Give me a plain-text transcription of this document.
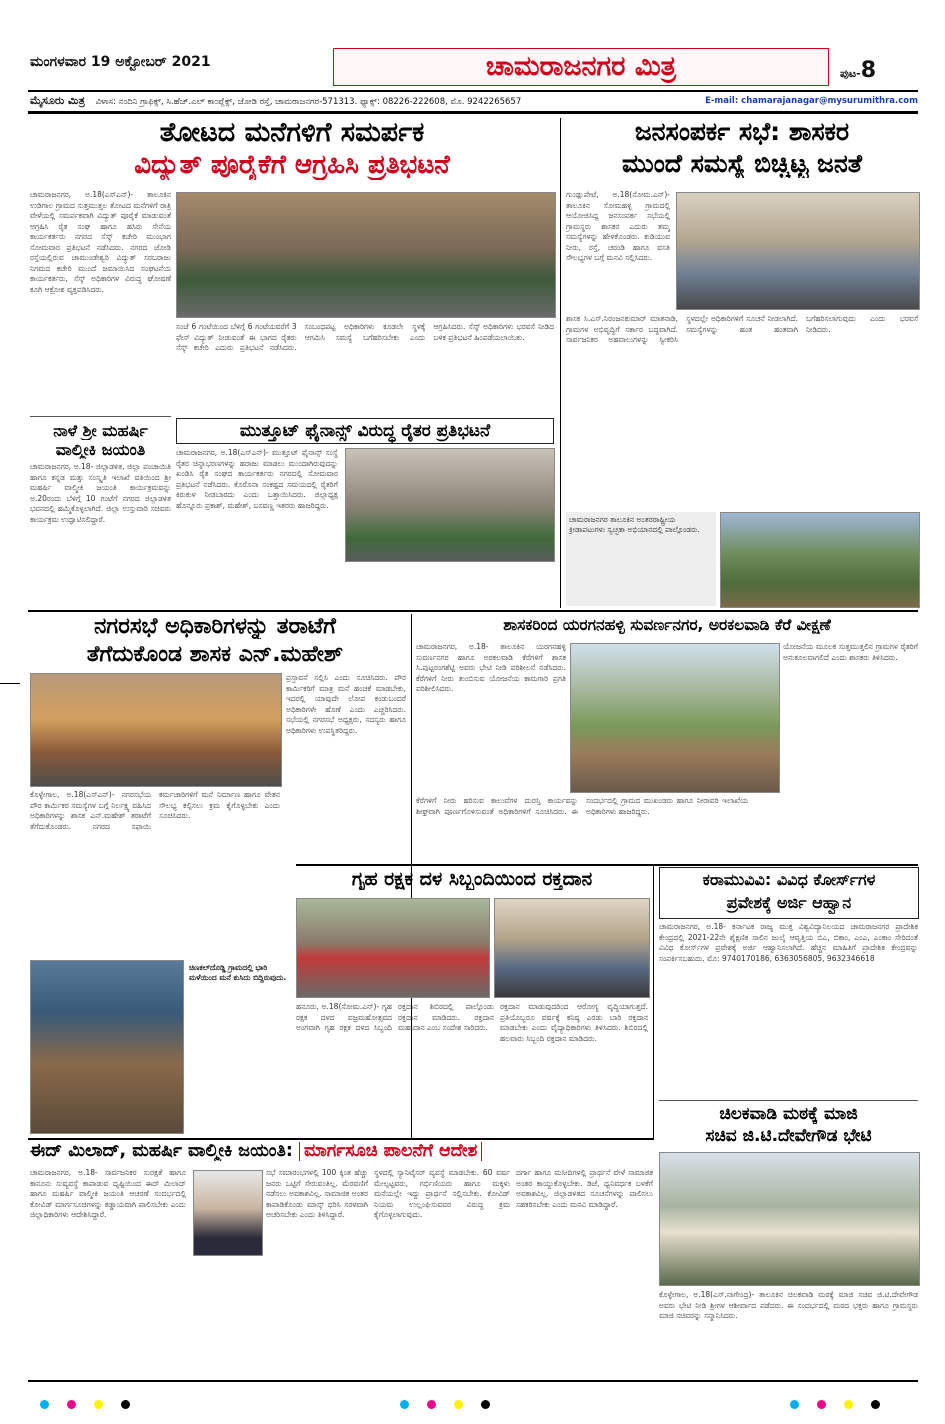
ಮಂಗಳವಾರ 19 ಅಕ್ಟೋಬರ್ 2021	ಚಾಮರಾಜನಗರ ಮಿತ್ರ	ಪುಟ-8
ಮೈಸೂರು ಮಿತ್ರ ವಿಳಾಸ: ನಂದಿನಿ ಗ್ರಾಫಿಕ್ಸ್, ಸಿ.ಹೆಚ್.ಎಲ್ ಕಾಂಪ್ಲೆಕ್ಸ್, ಜೋಡಿ ರಸ್ತೆ, ಚಾಮರಾಜನಗರ-571313. ಫ್ಯಾಕ್ಸ್: 08226-222608, ಮೊ. 9242265657	E-mail: chamarajanagar@mysurumithra.com
ತೋಟದ ಮನೆಗಳಿಗೆ ಸಮರ್ಪಕ
ವಿದ್ಯುತ್ ಪೂರೈಕೆಗೆ ಆಗ್ರಹಿಸಿ ಪ್ರತಿಭಟನೆ
ಚಾಮರಾಜನಗರ, ಅ.18(ಎಸ್‌ಎನ್)- ತಾಲೂಕಿನ ಉಡಿಗಾಲ ಗ್ರಾಮದ ಸುತ್ತಮುತ್ತಲ ತೋಟದ ಮನೆಗಳಿಗೆ ರಾತ್ರಿ ವೇಳೆಯಲ್ಲಿ ಸಮರ್ಪಕವಾಗಿ ವಿದ್ಯುತ್ ಪೂರೈಕೆ ಮಾಡುವಂತೆ ಆಗ್ರಹಿಸಿ ರೈತ ಸಂಘ ಹಾಗೂ ಹಸಿರು ಸೇನೆಯ ಕಾರ್ಯಕರ್ತರು ನಗರದ ಸೆಸ್ಕ್ ಕಚೇರಿ ಮುಂಭಾಗ ಸೋಮವಾರ ಪ್ರತಿಭಟನೆ ನಡೆಸಿದರು. ನಗರದ ಜೋಡಿ ರಸ್ತೆಯಲ್ಲಿರುವ ಚಾಮುಂಡೇಶ್ವರಿ ವಿದ್ಯುತ್ ಸರಬರಾಜು ನಿಗಮದ ಕಚೇರಿ ಮುಂದೆ ಜಮಾಯಿಸಿದ ಸಂಘಟನೆಯ ಕಾರ್ಯಕರ್ತರು, ಸೆಸ್ಕ್ ಅಧಿಕಾರಿಗಳ ವಿರುದ್ಧ ಘೋಷಣೆ ಕೂಗಿ ಆಕ್ರೋಶ ವ್ಯಕ್ತಪಡಿಸಿದರು.
ಸಂಜೆ 6 ಗಂಟೆಯಿಂದ ಬೆಳಿಗ್ಗೆ 6 ಗಂಟೆಯವರೆಗೆ 3 ಫೇಸ್ ವಿದ್ಯುತ್ ನೀಡುವಂತೆ ಈ ಭಾಗದ ರೈತರು ಸೆಸ್ಕ್ ಕಚೇರಿ ಎದುರು ಪ್ರತಿಭಟನೆ ನಡೆಸಿದರು. ಸಂಬಂಧಪಟ್ಟ ಅಧಿಕಾರಿಗಳು ಕೂಡಲೇ ಸ್ಥಳಕ್ಕೆ ಆಗಮಿಸಿ ಸಮಸ್ಯೆ ಬಗೆಹರಿಸಬೇಕು ಎಂದು ಆಗ್ರಹಿಸಿದರು. ಸೆಸ್ಕ್ ಅಧಿಕಾರಿಗಳು ಭರವಸೆ ನೀಡಿದ ಬಳಿಕ ಪ್ರತಿಭಟನೆ ಹಿಂಪಡೆಯಲಾಯಿತು.
ನಾಳೆ ಶ್ರೀ ಮಹರ್ಷಿ
ವಾಲ್ಮೀಕಿ ಜಯಂತಿ
ಚಾಮರಾಜನಗರ, ಅ.18- ಜಿಲ್ಲಾಡಳಿತ, ಜಿಲ್ಲಾ ಪಂಚಾಯಿತಿ ಹಾಗೂ ಕನ್ನಡ ಮತ್ತು ಸಂಸ್ಕೃತಿ ಇಲಾಖೆ ವತಿಯಿಂದ ಶ್ರೀ ಮಹರ್ಷಿ ವಾಲ್ಮೀಕಿ ಜಯಂತಿ ಕಾರ್ಯಕ್ರಮವನ್ನು ಅ.20ರಂದು ಬೆಳಿಗ್ಗೆ 10 ಗಂಟೆಗೆ ನಗರದ ಜಿಲ್ಲಾಡಳಿತ ಭವನದಲ್ಲಿ ಹಮ್ಮಿಕೊಳ್ಳಲಾಗಿದೆ. ಜಿಲ್ಲಾ ಉಸ್ತುವಾರಿ ಸಚಿವರು ಕಾರ್ಯಕ್ರಮ ಉದ್ಘಾಟಿಸಲಿದ್ದಾರೆ.
ಮುತ್ತೂಟ್ ಫೈನಾನ್ಸ್ ವಿರುದ್ಧ ರೈತರ ಪ್ರತಿಭಟನೆ
ಚಾಮರಾಜನಗರ, ಅ.18(ಎಸ್‌ಎನ್)- ಮುತ್ತೂಟ್ ಫೈನಾನ್ಸ್ ಸಂಸ್ಥೆ ರೈತರ ಚಿನ್ನಾಭರಣಗಳನ್ನು ಹರಾಜು ಮಾಡಲು ಮುಂದಾಗಿರುವುದನ್ನು ಖಂಡಿಸಿ ರೈತ ಸಂಘದ ಕಾರ್ಯಕರ್ತರು ನಗರದಲ್ಲಿ ಸೋಮವಾರ ಪ್ರತಿಭಟನೆ ನಡೆಸಿದರು. ಕೊರೊನಾ ಸಂಕಷ್ಟದ ಸಮಯದಲ್ಲಿ ರೈತರಿಗೆ ಕಿರುಕುಳ ನೀಡಬಾರದು ಎಂದು ಒತ್ತಾಯಿಸಿದರು. ಜಿಲ್ಲಾಧ್ಯಕ್ಷ ಹೊನ್ನೂರು ಪ್ರಕಾಶ್, ಮಹೇಶ್, ಬಸವಣ್ಣ ಇತರರು ಹಾಜರಿದ್ದರು.
ಜನಸಂಪರ್ಕ ಸಭೆ: ಶಾಸಕರ
ಮುಂದೆ ಸಮಸ್ಯೆ ಬಿಚ್ಚಿಟ್ಟ ಜನತೆ
ಗುಂಡ್ಲುಪೇಟೆ, ಅ.18(ಸೋಮ.ಎನ್)- ತಾಲೂಕಿನ ಸೋಮಹಳ್ಳಿ ಗ್ರಾಮದಲ್ಲಿ ಆಯೋಜಿಸಿದ್ದ ಜನಸಂಪರ್ಕ ಸಭೆಯಲ್ಲಿ ಗ್ರಾಮಸ್ಥರು ಶಾಸಕರ ಎದುರು ತಮ್ಮ ಸಮಸ್ಯೆಗಳನ್ನು ಹೇಳಿಕೊಂಡರು. ಕುಡಿಯುವ ನೀರು, ರಸ್ತೆ, ಚರಂಡಿ ಹಾಗೂ ವಸತಿ ಸೌಲಭ್ಯಗಳ ಬಗ್ಗೆ ಮನವಿ ಸಲ್ಲಿಸಿದರು.
ಶಾಸಕ ಸಿ.ಎಸ್.ನಿರಂಜನಕುಮಾರ್ ಮಾತನಾಡಿ, ಗ್ರಾಮಗಳ ಅಭಿವೃದ್ಧಿಗೆ ಸರ್ಕಾರ ಬದ್ಧವಾಗಿದೆ. ಸಾರ್ವಜನಿಕರ ಅಹವಾಲುಗಳನ್ನು ಸ್ವೀಕರಿಸಿ ಸ್ಥಳದಲ್ಲೇ ಅಧಿಕಾರಿಗಳಿಗೆ ಸೂಚನೆ ನೀಡಲಾಗಿದೆ. ಸಮಸ್ಯೆಗಳನ್ನು ಹಂತ ಹಂತವಾಗಿ ಬಗೆಹರಿಸಲಾಗುವುದು ಎಂದು ಭರವಸೆ ನೀಡಿದರು.
ಚಾಮರಾಜನಗರ ತಾಲೂಕಿನ ಅಂತರರಾಷ್ಟ್ರೀಯ ಕ್ರೀಡಾಪಟುಗಳು ಸ್ವಚ್ಛತಾ ಅಭಿಯಾನದಲ್ಲಿ ಪಾಲ್ಗೊಂಡರು.
ನಗರಸಭೆ ಅಧಿಕಾರಿಗಳನ್ನು ತರಾಟೆಗೆ
ತೆಗೆದುಕೊಂಡ ಶಾಸಕ ಎನ್.ಮಹೇಶ್
ಪ್ರಸ್ತಾವನೆ ಸಲ್ಲಿಸಿ ಎಂದು ಸೂಚಿಸಿದರು. ಪೌರ ಕಾರ್ಮಿಕರಿಗೆ ಮಾತ್ರ ಮನೆ ಹಂಚಿಕೆ ಮಾಡಬೇಕು, ಇದರಲ್ಲಿ ಯಾವುದೇ ಲೋಪ ಕಂಡುಬಂದರೆ ಅಧಿಕಾರಿಗಳೇ ಹೊಣೆ ಎಂದು ಎಚ್ಚರಿಸಿದರು. ಸಭೆಯಲ್ಲಿ ನಗರಸಭೆ ಅಧ್ಯಕ್ಷರು, ಸದಸ್ಯರು ಹಾಗೂ ಅಧಿಕಾರಿಗಳು ಉಪಸ್ಥಿತರಿದ್ದರು.
ಕೊಳ್ಳೇಗಾಲ, ಅ.18(ಎಸ್‌ಎನ್)- ನಗರಸಭೆಯ ಪೌರ ಕಾರ್ಮಿಕರ ಸಮಸ್ಯೆಗಳ ಬಗ್ಗೆ ನಿರ್ಲಕ್ಷ್ಯ ವಹಿಸಿದ ಅಧಿಕಾರಿಗಳನ್ನು ಶಾಸಕ ಎನ್.ಮಹೇಶ್ ತರಾಟೆಗೆ ತೆಗೆದುಕೊಂಡರು. ನಗರದ ಸಫಾಯಿ ಕರ್ಮಚಾರಿಗಳಿಗೆ ಮನೆ ನಿರ್ಮಾಣ ಹಾಗೂ ವೇತನ ಸೌಲಭ್ಯ ಕಲ್ಪಿಸಲು ಕ್ರಮ ಕೈಗೊಳ್ಳಬೇಕು ಎಂದು ಸೂಚಿಸಿದರು.
ಶಾಸಕರಿಂದ ಯರಗನಹಳ್ಳಿ ಸುವರ್ಣನಗರ, ಅರಕಲವಾಡಿ ಕೆರೆ ವೀಕ್ಷಣೆ
ಚಾಮರಾಜನಗರ, ಅ.18- ತಾಲೂಕಿನ ಯರಗನಹಳ್ಳಿ ಸುವರ್ಣನಗರ ಹಾಗೂ ಅರಕಲವಾಡಿ ಕೆರೆಗಳಿಗೆ ಶಾಸಕ ಸಿ.ಪುಟ್ಟರಂಗಶೆಟ್ಟಿ ಅವರು ಭೇಟಿ ನೀಡಿ ಪರಿಶೀಲನೆ ನಡೆಸಿದರು. ಕೆರೆಗಳಿಗೆ ನೀರು ತುಂಬಿಸುವ ಯೋಜನೆಯ ಕಾಮಗಾರಿ ಪ್ರಗತಿ ಪರಿಶೀಲಿಸಿದರು.
ಯೋಜನೆಯ ಮೂಲಕ ಸುತ್ತಮುತ್ತಲಿನ ಗ್ರಾಮಗಳ ರೈತರಿಗೆ ಅನುಕೂಲವಾಗಲಿದೆ ಎಂದು ಶಾಸಕರು ತಿಳಿಸಿದರು.
ಕೆರೆಗಳಿಗೆ ನೀರು ಹರಿಸುವ ಕಾಲುವೆಗಳ ದುರಸ್ತಿ ಕಾರ್ಯವನ್ನು ಶೀಘ್ರವಾಗಿ ಪೂರ್ಣಗೊಳಿಸುವಂತೆ ಅಧಿಕಾರಿಗಳಿಗೆ ಸೂಚಿಸಿದರು. ಈ ಸಂದರ್ಭದಲ್ಲಿ ಗ್ರಾಮದ ಮುಖಂಡರು ಹಾಗೂ ನೀರಾವರಿ ಇಲಾಖೆಯ ಅಧಿಕಾರಿಗಳು ಹಾಜರಿದ್ದರು.
ಗೃಹ ರಕ್ಷಕ ದಳ ಸಿಬ್ಬಂದಿಯಿಂದ ರಕ್ತದಾನ
ಹನೂರು, ಅ.18(ಸೋಮ.ಎನ್)- ಗೃಹ ರಕ್ಷಕ ದಳದ ವಜ್ರಮಹೋತ್ಸವದ ಅಂಗವಾಗಿ ಗೃಹ ರಕ್ಷಕ ದಳದ ಸಿಬ್ಬಂದಿ ರಕ್ತದಾನ ಶಿಬಿರದಲ್ಲಿ ಪಾಲ್ಗೊಂಡು ರಕ್ತದಾನ ಮಾಡಿದರು. ರಕ್ತದಾನ ಮಹಾದಾನ ಎಂಬ ಸಂದೇಶ ಸಾರಿದರು.
ರಕ್ತದಾನ ಮಾಡುವುದರಿಂದ ಆರೋಗ್ಯ ವೃದ್ಧಿಯಾಗುತ್ತದೆ. ಪ್ರತಿಯೊಬ್ಬರೂ ವರ್ಷಕ್ಕೆ ಕನಿಷ್ಠ ಎರಡು ಬಾರಿ ರಕ್ತದಾನ ಮಾಡಬೇಕು ಎಂದು ವೈದ್ಯಾಧಿಕಾರಿಗಳು ತಿಳಿಸಿದರು. ಶಿಬಿರದಲ್ಲಿ ಹಲವಾರು ಸಿಬ್ಬಂದಿ ರಕ್ತದಾನ ಮಾಡಿದರು.
ಚಿಣಕಲ್‌ದೊಡ್ಡಿ ಗ್ರಾಮದಲ್ಲಿ ಭಾರಿ ಮಳೆಯಿಂದ ಮನೆ ಕುಸಿದು ಬಿದ್ದಿರುವುದು.
ಕರಾಮುವಿವಿ: ವಿವಿಧ ಕೋರ್ಸ್‌ಗಳ
ಪ್ರವೇಶಕ್ಕೆ ಅರ್ಜಿ ಆಹ್ವಾನ
ಚಾಮರಾಜನಗರ, ಅ.18- ಕರ್ನಾಟಕ ರಾಜ್ಯ ಮುಕ್ತ ವಿಶ್ವವಿದ್ಯಾನಿಲಯದ ಚಾಮರಾಜನಗರ ಪ್ರಾದೇಶಿಕ ಕೇಂದ್ರದಲ್ಲಿ 2021-22ನೇ ಶೈಕ್ಷಣಿಕ ಸಾಲಿನ ಜುಲೈ ಆವೃತ್ತಿಯ ಬಿಎ, ಬಿಕಾಂ, ಎಂಎ, ಎಂಕಾಂ ಸೇರಿದಂತೆ ವಿವಿಧ ಕೋರ್ಸ್‌ಗಳ ಪ್ರವೇಶಕ್ಕೆ ಅರ್ಜಿ ಆಹ್ವಾನಿಸಲಾಗಿದೆ. ಹೆಚ್ಚಿನ ಮಾಹಿತಿಗೆ ಪ್ರಾದೇಶಿಕ ಕೇಂದ್ರವನ್ನು ಸಂಪರ್ಕಿಸಬಹುದು. ಮೊ: 9740170186, 6363056805, 9632346618
ಚಿಲಕವಾಡಿ ಮಠಕ್ಕೆ ಮಾಜಿ
ಸಚಿವ ಜಿ.ಟಿ.ದೇವೇಗೌಡ ಭೇಟಿ
ಕೊಳ್ಳೇಗಾಲ, ಅ.18(ಎಸ್.ನಾಗೇಂದ್ರ)- ತಾಲೂಕಿನ ಚಿಲಕವಾಡಿ ಮಠಕ್ಕೆ ಮಾಜಿ ಸಚಿವ ಜಿ.ಟಿ.ದೇವೇಗೌಡ ಅವರು ಭೇಟಿ ನೀಡಿ ಶ್ರೀಗಳ ಆಶೀರ್ವಾದ ಪಡೆದರು. ಈ ಸಂದರ್ಭದಲ್ಲಿ ಮಠದ ಭಕ್ತರು ಹಾಗೂ ಗ್ರಾಮಸ್ಥರು ಮಾಜಿ ಸಚಿವರನ್ನು ಸನ್ಮಾನಿಸಿದರು.
ಈದ್ ಮಿಲಾದ್, ಮಹರ್ಷಿ ವಾಲ್ಮೀಕಿ ಜಯಂತಿ: ಮಾರ್ಗಸೂಚಿ ಪಾಲನೆಗೆ ಆದೇಶ
ಚಾಮರಾಜನಗರ, ಅ.18- ಸಾರ್ವಜನಿಕರ ಸುರಕ್ಷತೆ ಹಾಗೂ ಕಾನೂನು ಸುವ್ಯವಸ್ಥೆ ಕಾಪಾಡುವ ದೃಷ್ಟಿಯಿಂದ ಈದ್ ಮಿಲಾದ್ ಹಾಗೂ ಮಹರ್ಷಿ ವಾಲ್ಮೀಕಿ ಜಯಂತಿ ಆಚರಣೆ ಸಂದರ್ಭದಲ್ಲಿ ಕೋವಿಡ್ ಮಾರ್ಗಸೂಚಿಗಳನ್ನು ಕಡ್ಡಾಯವಾಗಿ ಪಾಲಿಸಬೇಕು ಎಂದು ಜಿಲ್ಲಾಧಿಕಾರಿಗಳು ಆದೇಶಿಸಿದ್ದಾರೆ.
ಸಭೆ ಸಮಾರಂಭಗಳಲ್ಲಿ 100 ಕ್ಕಿಂತ ಹೆಚ್ಚು ಜನರು ಒಟ್ಟಿಗೆ ಸೇರುವಂತಿಲ್ಲ. ಮೆರವಣಿಗೆ ನಡೆಸಲು ಅವಕಾಶವಿಲ್ಲ. ಸಾಮಾಜಿಕ ಅಂತರ ಕಾಪಾಡಿಕೊಂಡು ಮಾಸ್ಕ್ ಧರಿಸಿ ಸರಳವಾಗಿ ಆಚರಿಸಬೇಕು ಎಂದು ತಿಳಿಸಿದ್ದಾರೆ.
ಸ್ಥಳದಲ್ಲಿ ಸ್ಯಾನಿಟೈಸರ್ ವ್ಯವಸ್ಥೆ ಮಾಡಬೇಕು. 60 ವರ್ಷ ಮೇಲ್ಪಟ್ಟವರು, ಗರ್ಭಿಣಿಯರು ಹಾಗೂ ಮಕ್ಕಳು ಮನೆಯಲ್ಲೇ ಇದ್ದು ಪ್ರಾರ್ಥನೆ ಸಲ್ಲಿಸಬೇಕು. ಕೋವಿಡ್ ನಿಯಮ ಉಲ್ಲಂಘಿಸುವವರ ವಿರುದ್ಧ ಕ್ರಮ ಕೈಗೊಳ್ಳಲಾಗುವುದು.
ದರ್ಗಾ ಹಾಗೂ ಮಸೀದಿಗಳಲ್ಲಿ ಪ್ರಾರ್ಥನೆ ವೇಳೆ ಸಾಮಾಜಿಕ ಅಂತರ ಕಾಯ್ದುಕೊಳ್ಳಬೇಕು. ಡಿಜೆ, ಧ್ವನಿವರ್ಧಕ ಬಳಕೆಗೆ ಅವಕಾಶವಿಲ್ಲ. ಜಿಲ್ಲಾಡಳಿತದ ಸೂಚನೆಗಳನ್ನು ಪಾಲಿಸಲು ಸಹಕರಿಸಬೇಕು ಎಂದು ಮನವಿ ಮಾಡಿದ್ದಾರೆ.
